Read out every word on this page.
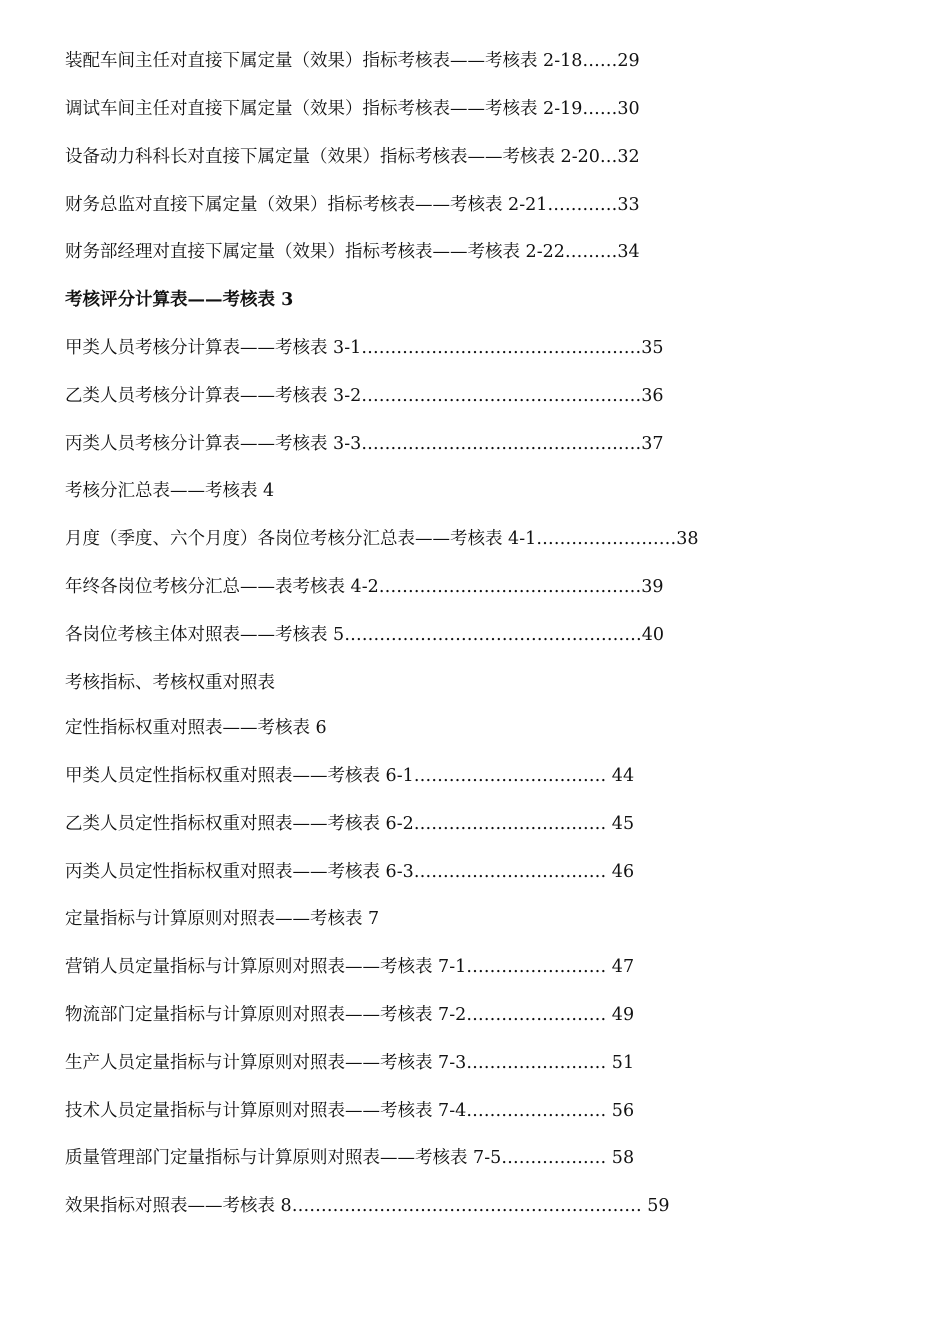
装配车间主任对直接下属定量（效果）指标考核表——考核表 2-18……29
调试车间主任对直接下属定量（效果）指标考核表——考核表 2-19……30
设备动力科科长对直接下属定量（效果）指标考核表——考核表 2-20…32
财务总监对直接下属定量（效果）指标考核表——考核表 2-21…………33
财务部经理对直接下属定量（效果）指标考核表——考核表 2-22………34
考核评分计算表——考核表 3
甲类人员考核分计算表——考核表 3-1…………………………………………35
乙类人员考核分计算表——考核表 3-2…………………………………………36
丙类人员考核分计算表——考核表 3-3…………………………………………37
考核分汇总表——考核表 4
月度（季度、六个月度）各岗位考核分汇总表——考核表 4-1……………………38
年终各岗位考核分汇总——表考核表 4-2………………………………………39
各岗位考核主体对照表——考核表 5……………………………………………40
考核指标、考核权重对照表
定性指标权重对照表——考核表 6
甲类人员定性指标权重对照表——考核表 6-1…………………………… 44
乙类人员定性指标权重对照表——考核表 6-2…………………………… 45
丙类人员定性指标权重对照表——考核表 6-3…………………………… 46
定量指标与计算原则对照表——考核表 7
营销人员定量指标与计算原则对照表——考核表 7-1…………………… 47
物流部门定量指标与计算原则对照表——考核表 7-2…………………… 49
生产人员定量指标与计算原则对照表——考核表 7-3…………………… 51
技术人员定量指标与计算原则对照表——考核表 7-4…………………… 56
质量管理部门定量指标与计算原则对照表——考核表 7-5……………… 58
效果指标对照表——考核表 8…………………………………………………… 59
